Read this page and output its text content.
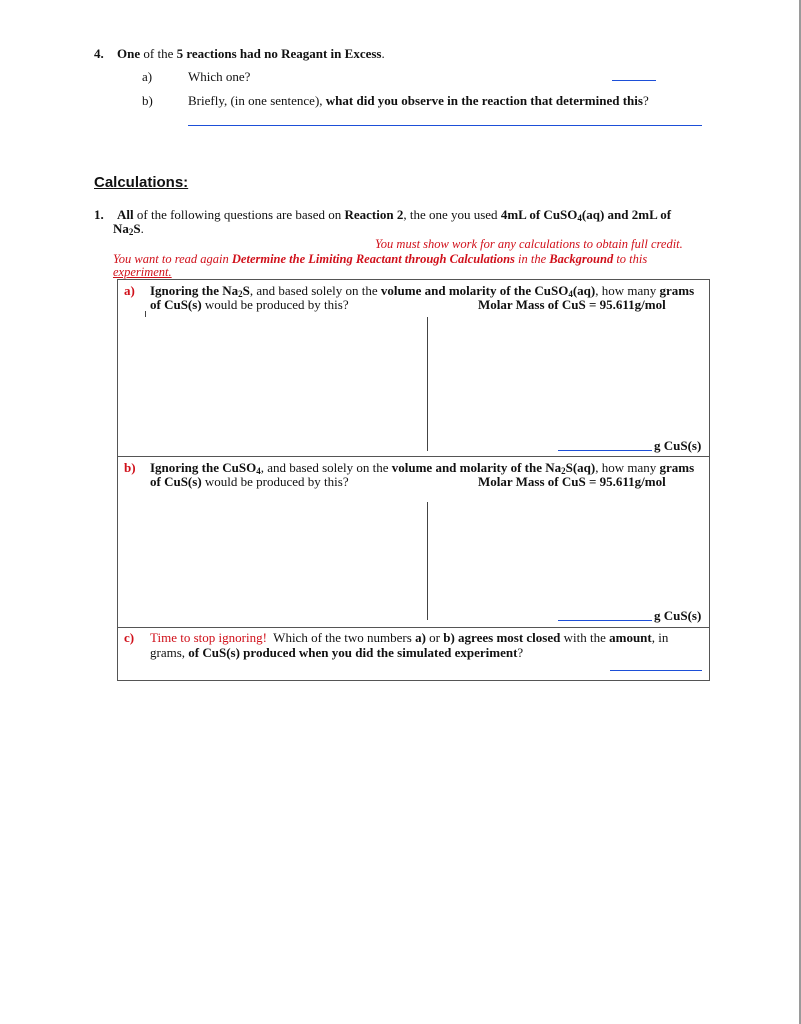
4. One of the 5 reactions had no Reagant in Excess.
a)	Which one?
b)	Briefly, (in one sentence), what did you observe in the reaction that determined this?
Calculations:
1. All of the following questions are based on Reaction 2, the one you used 4mL of CuSO$_4$(aq) and 2mL of
$Na_2S$.
You must show work for any calculations to obtain full credit.
You want to read again Determine the Limiting Reactant through Calculations in the Background to this
experiment.
a) Ignoring the $Na_2S$, and based solely on the volume and molarity of the CuSO$_4$(aq), how many grams
of CuS(s) would be produced by this?	Molar Mass of CuS = 95.611g/mol
g CuS(s)
b) Ignoring the CuSO$_4$, and based solely on the volume and molarity of the $Na_2S(aq)$, how many grams
of CuS(s) would be produced by this?	Molar Mass of CuS = 95.611g/mol
g CuS(s)
c) Time to stop ignoring!  Which of the two numbers a) or b) agrees most closed with the amount, in
grams, of CuS(s) produced when you did the simulated experiment?
